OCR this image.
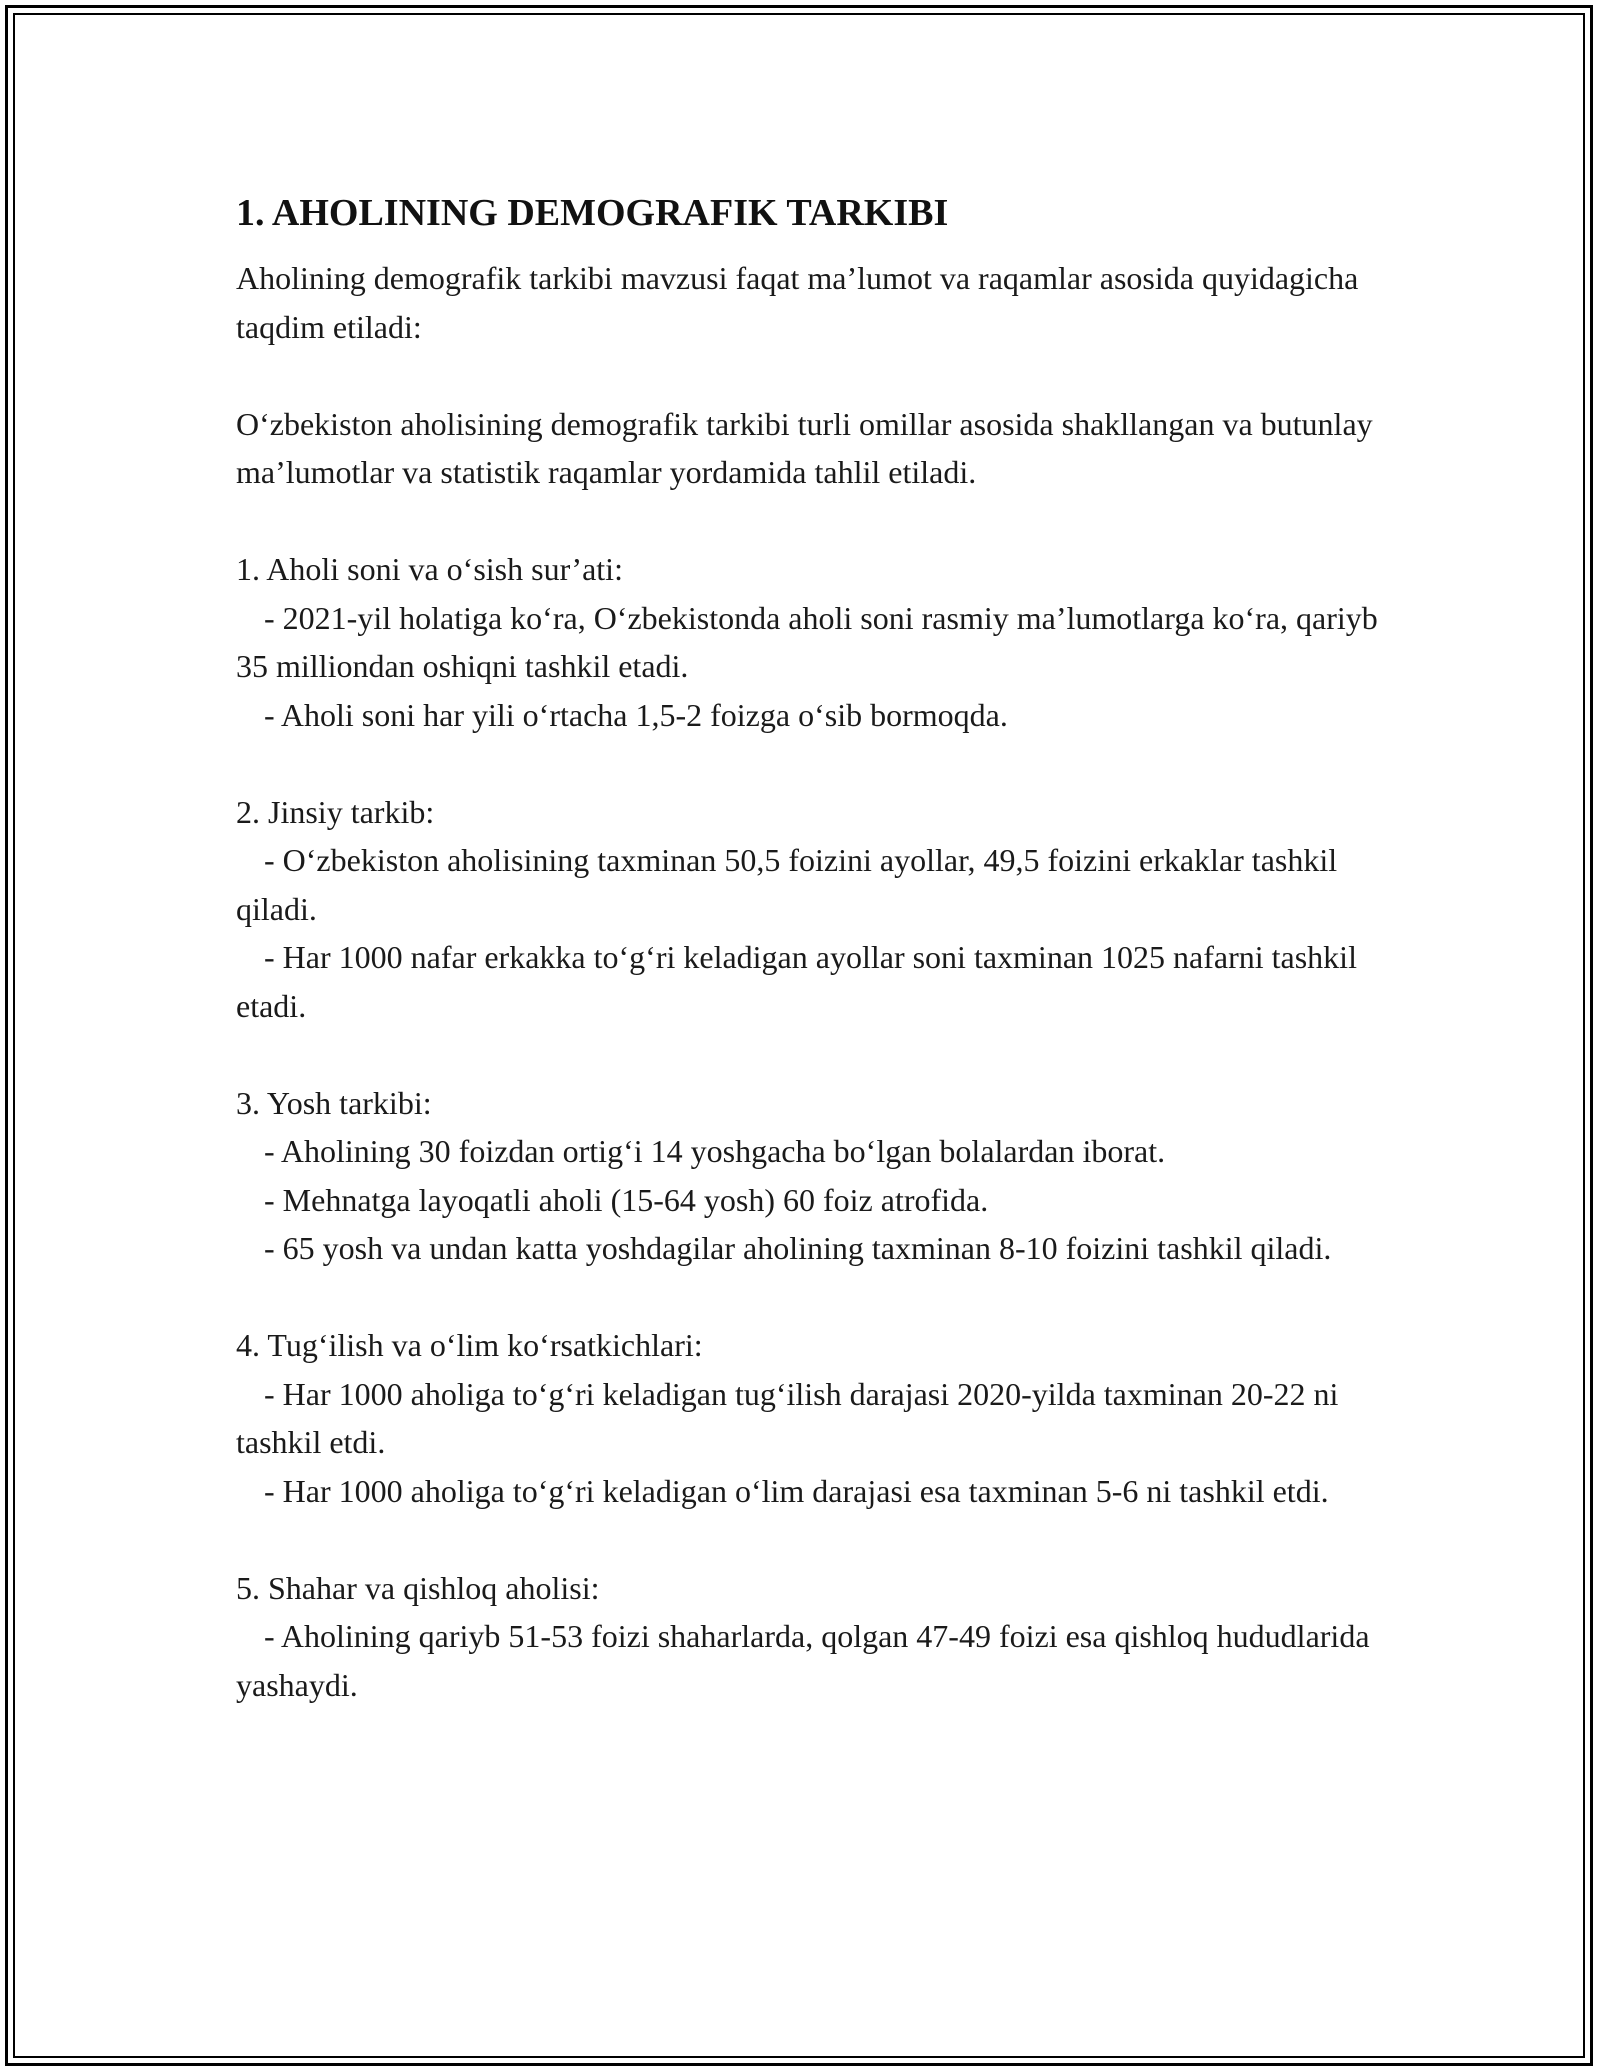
1. AHOLINING DEMOGRAFIK TARKIBI

Aholining demografik tarkibi mavzusi faqat ma’lumot va raqamlar asosida quyidagicha taqdim etiladi:

O‘zbekiston aholisining demografik tarkibi turli omillar asosida shakllangan va butunlay ma’lumotlar va statistik raqamlar yordamida tahlil etiladi.

1. Aholi soni va o‘sish sur’ati:

- 2021-yil holatiga ko‘ra, O‘zbekistonda aholi soni rasmiy ma’lumotlarga ko‘ra, qariyb 35 milliondan oshiqni tashkil etadi.

- Aholi soni har yili o‘rtacha 1,5-2 foizga o‘sib bormoqda.

2. Jinsiy tarkib:

- O‘zbekiston aholisining taxminan 50,5 foizini ayollar, 49,5 foizini erkaklar tashkil qiladi.

- Har 1000 nafar erkakka to‘g‘ri keladigan ayollar soni taxminan 1025 nafarni tashkil etadi.

3. Yosh tarkibi:

- Aholining 30 foizdan ortig‘i 14 yoshgacha bo‘lgan bolalardan iborat.

- Mehnatga layoqatli aholi (15-64 yosh) 60 foiz atrofida.

- 65 yosh va undan katta yoshdagilar aholining taxminan 8-10 foizini tashkil qiladi.

4. Tug‘ilish va o‘lim ko‘rsatkichlari:

- Har 1000 aholiga to‘g‘ri keladigan tug‘ilish darajasi 2020-yilda taxminan 20-22 ni tashkil etdi.

- Har 1000 aholiga to‘g‘ri keladigan o‘lim darajasi esa taxminan 5-6 ni tashkil etdi.

5. Shahar va qishloq aholisi:

- Aholining qariyb 51-53 foizi shaharlarda, qolgan 47-49 foizi esa qishloq hududlarida yashaydi.
